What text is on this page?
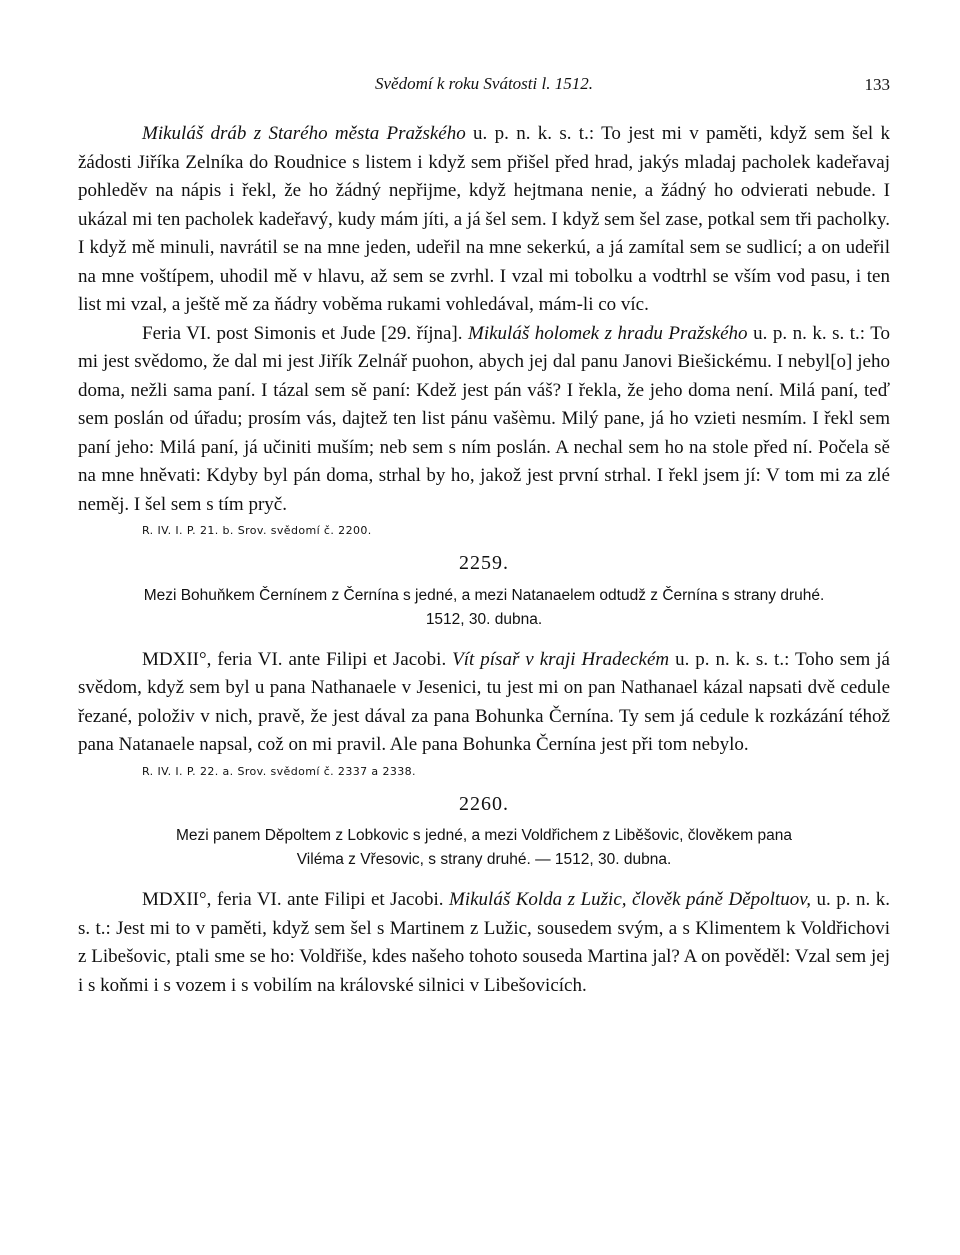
Svědomí k roku Svátosti l. 1512.	133

Mikuláš dráb z Starého města Pražského u. p. n. k. s. t.: To jest mi v paměti, když sem šel k žádosti Jiříka Zelníka do Roudnice s listem i když sem přišel před hrad, jakýs mladaj pacholek kadeřavaj pohleděv na nápis i řekl, že ho žádný nepřijme, když hejtmana nenie, a žádný ho odvierati nebude. I ukázal mi ten pacholek kadeřavý, kudy mám jíti, a já šel sem. I když sem šel zase, potkal sem tři pacholky. I když mě minuli, navrátil se na mne jeden, udeřil na mne sekerkú, a já zamítal sem se sudlicí; a on udeřil na mne voštípem, uhodil mě v hlavu, až sem se zvrhl. I vzal mi tobolku a vodtrhl se vším vod pasu, i ten list mi vzal, a ještě mě za ňádry voběma rukami vohledával, mám-li co víc.

Feria VI. post Simonis et Jude [29. října]. Mikuláš holomek z hradu Pražského u. p. n. k. s. t.: To mi jest svědomo, že dal mi jest Jiřík Zelnář puohon, abych jej dal panu Janovi Biešickému. I nebyl[o] jeho doma, nežli sama paní. I tázal sem sě paní: Kdež jest pán váš? I řekla, že jeho doma není. Milá paní, teď sem poslán od úřadu; prosím vás, dajtež ten list pánu vašèmu. Milý pane, já ho vzieti nesmím. I řekl sem paní jeho: Milá paní, já učiniti muším; neb sem s ním poslán. A nechal sem ho na stole před ní. Počela sě na mne hněvati: Kdyby byl pán doma, strhal by ho, jakož jest první strhal. I řekl jsem jí: V tom mi za zlé neměj. I šel sem s tím pryč.

R. IV. I. P. 21. b. Srov. svědomí č. 2200.
2259.
Mezi Bohuňkem Černínem z Černína s jedné, a mezi Natanaelem odtudž z Černína s strany druhé.
1512, 30. dubna.

MDXII°, feria VI. ante Filipi et Jacobi. Vít písař v kraji Hradeckém u. p. n. k. s. t.: Toho sem já svědom, když sem byl u pana Nathanaele v Jesenici, tu jest mi on pan Nathanael kázal napsati dvě cedule řezané, položiv v nich, pravě, že jest dával za pana Bohunka Černína. Ty sem já cedule k rozkázání téhož pana Natanaele napsal, což on mi pravil. Ale pana Bohunka Černína jest při tom nebylo.

R. IV. I. P. 22. a. Srov. svědomí č. 2337 a 2338.
2260.
Mezi panem Děpoltem z Lobkovic s jedné, a mezi Voldřichem z Liběšovic, člověkem pana
Viléma z Vřesovic, s strany druhé. — 1512, 30. dubna.

MDXII°, feria VI. ante Filipi et Jacobi. Mikuláš Kolda z Lužic, člověk páně Děpoltuov, u. p. n. k. s. t.: Jest mi to v paměti, když sem šel s Martinem z Lužic, sousedem svým, a s Klimentem k Voldřichovi z Libešovic, ptali sme se ho: Voldřiše, kdes našeho tohoto souseda Martina jal? A on pověděl: Vzal sem jej i s koňmi i s vozem i s vobilím na královské silnici v Libešovicích.
